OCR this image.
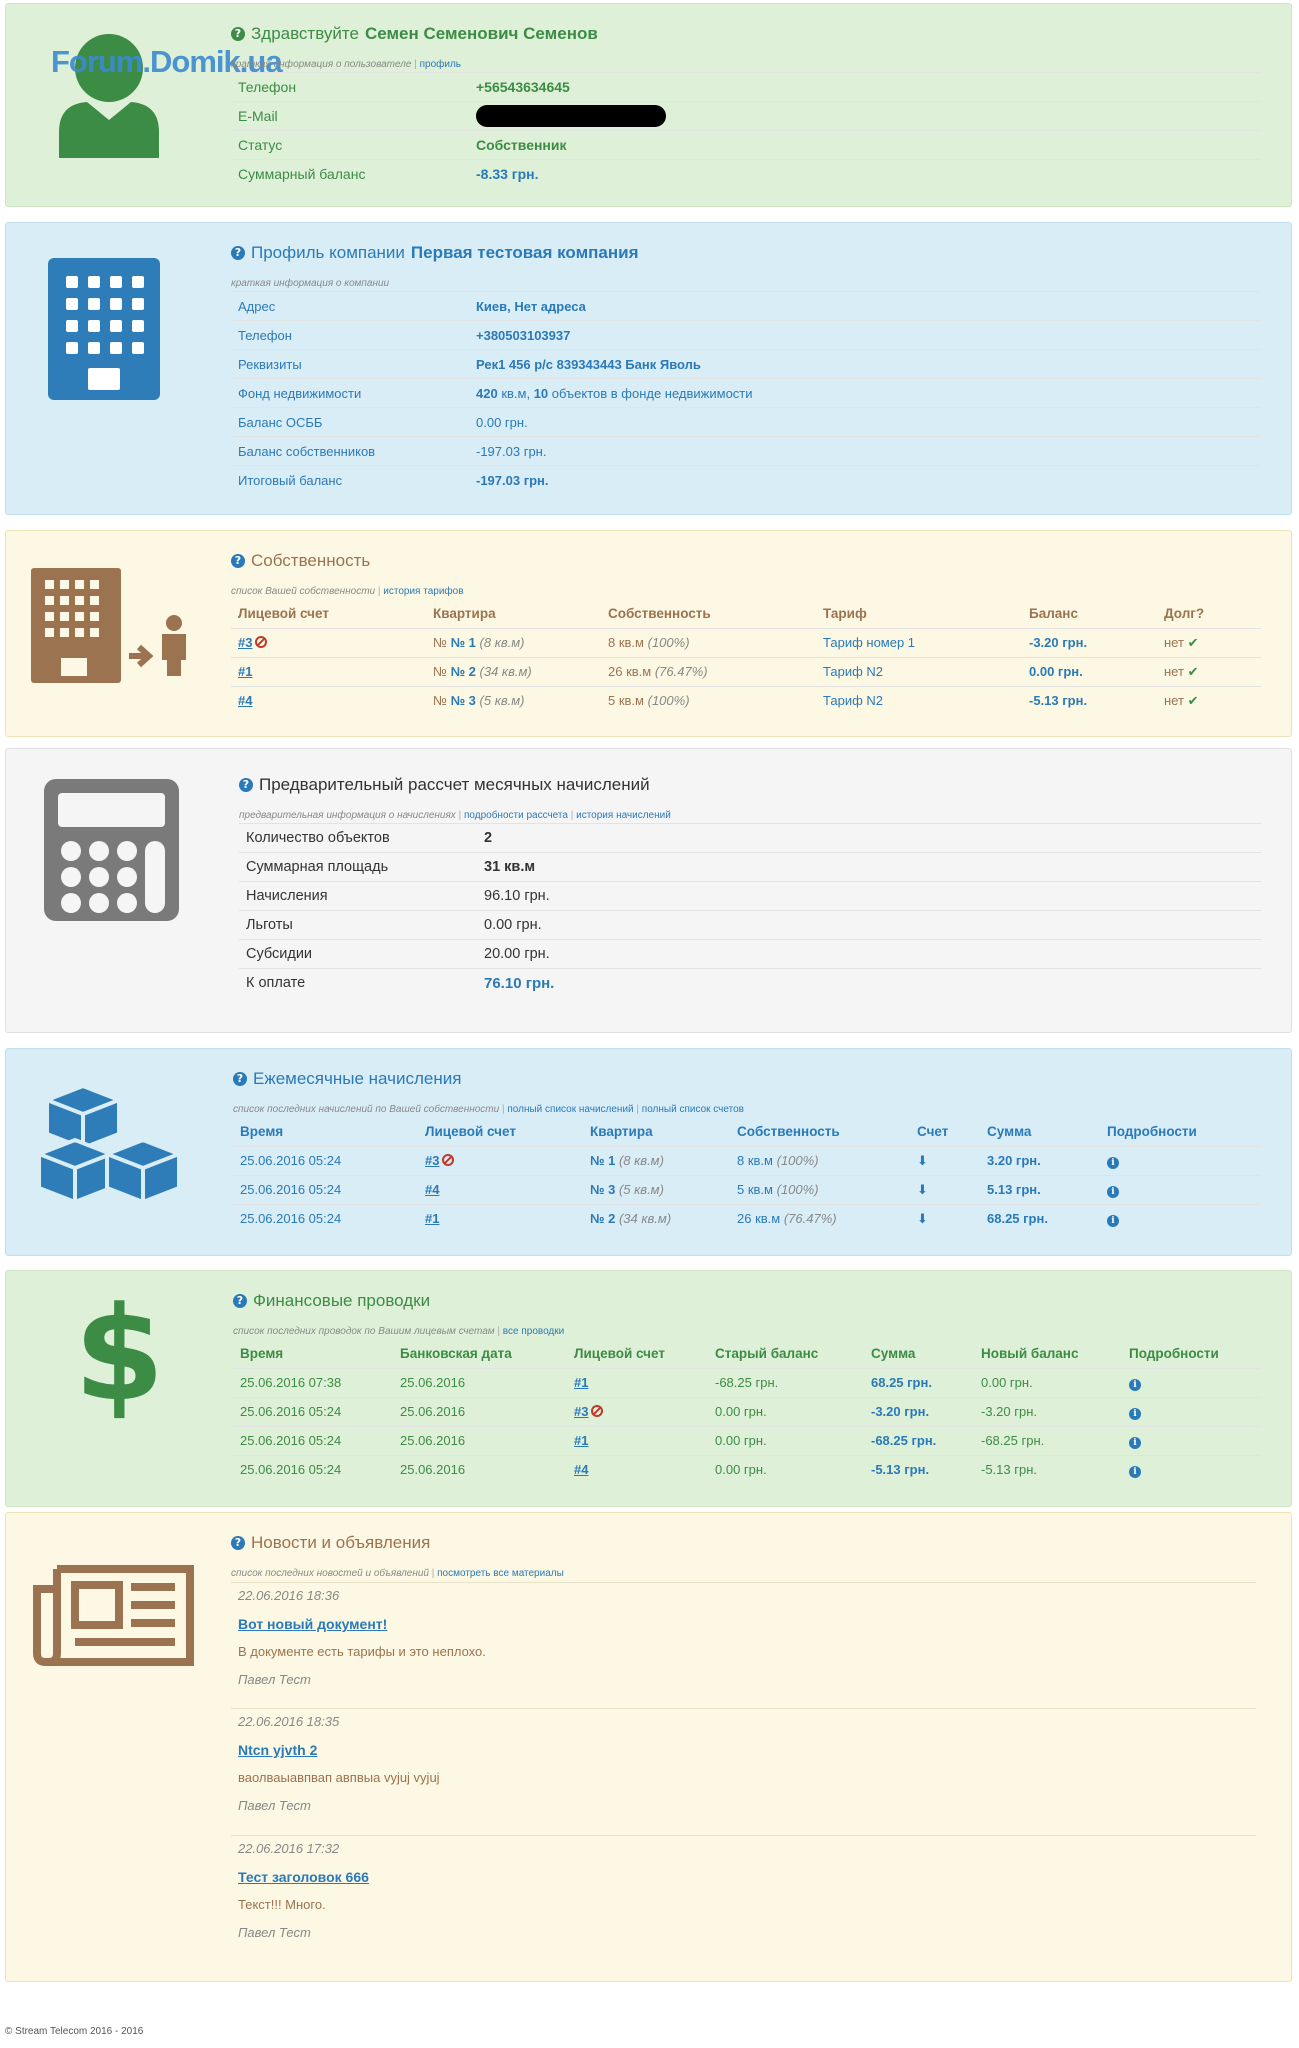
Forum.Domik.ua
? Здравствуйте Семен Семенович Семенов
краткая информация о пользователе | профиль
Телефон	+56543634645
E-Mail	
Статус	Собственник
Суммарный баланс	-8.33 грн.
? Профиль компании Первая тестовая компания
краткая информация о компании
Адрес	Киев, Нет адреса
Телефон	+380503103937
Реквизиты	Рек1 456 р/с 839343443 Банк Яволь
Фонд недвижимости	420 кв.м, 10 объектов в фонде недвижимости
Баланс ОСББ	0.00 грн.
Баланс собственников	-197.03 грн.
Итоговый баланс	-197.03 грн.
? Собственность
список Вашей собственности | история тарифов
Лицевой счет	Квартира	Собственность	Тариф	Баланс	Долг?
#3	№ № 1 (8 кв.м)	8 кв.м (100%)	Тариф номер 1	-3.20 грн.	нет ✔
#1	№ № 2 (34 кв.м)	26 кв.м (76.47%)	Тариф N2	0.00 грн.	нет ✔
#4	№ № 3 (5 кв.м)	5 кв.м (100%)	Тариф N2	-5.13 грн.	нет ✔
? Предварительный рассчет месячных начислений
предварительная информация о начислениях | подробности рассчета | история начислений
Количество объектов	2
Суммарная площадь	31 кв.м
Начисления	96.10 грн.
Льготы	0.00 грн.
Субсидии	20.00 грн.
К оплате	76.10 грн.
? Ежемесячные начисления
список последних начислений по Вашей собственности | полный список начислений | полный список счетов
Время	Лицевой счет	Квартира	Собственность	Счет	Сумма	Подробности
25.06.2016 05:24	#3	№ 1 (8 кв.м)	8 кв.м (100%)	⬇	3.20 грн.	i
25.06.2016 05:24	#4	№ 3 (5 кв.м)	5 кв.м (100%)	⬇	5.13 грн.	i
25.06.2016 05:24	#1	№ 2 (34 кв.м)	26 кв.м (76.47%)	⬇	68.25 грн.	i
$	? Финансовые проводки
список последних проводок по Вашим лицевым счетам | все проводки
Время	Банковская дата	Лицевой счет	Старый баланс	Сумма	Новый баланс	Подробности
25.06.2016 07:38	25.06.2016	#1	-68.25 грн.	68.25 грн.	0.00 грн.	i
25.06.2016 05:24	25.06.2016	#3	0.00 грн.	-3.20 грн.	-3.20 грн.	i
25.06.2016 05:24	25.06.2016	#1	0.00 грн.	-68.25 грн.	-68.25 грн.	i
25.06.2016 05:24	25.06.2016	#4	0.00 грн.	-5.13 грн.	-5.13 грн.	i
? Новости и объявления
список последних новостей и объявлений | посмотреть все материалы
22.06.2016 18:36
Вот новый документ!
В документе есть тарифы и это неплохо.
Павел Тест
22.06.2016 18:35
Ntcn yjvth 2
ваолваыавпвап авпвыа vyjuj vyjuj
Павел Тест
22.06.2016 17:32
Тест заголовок 666
Текст!!! Много.
Павел Тест
© Stream Telecom 2016 - 2016
